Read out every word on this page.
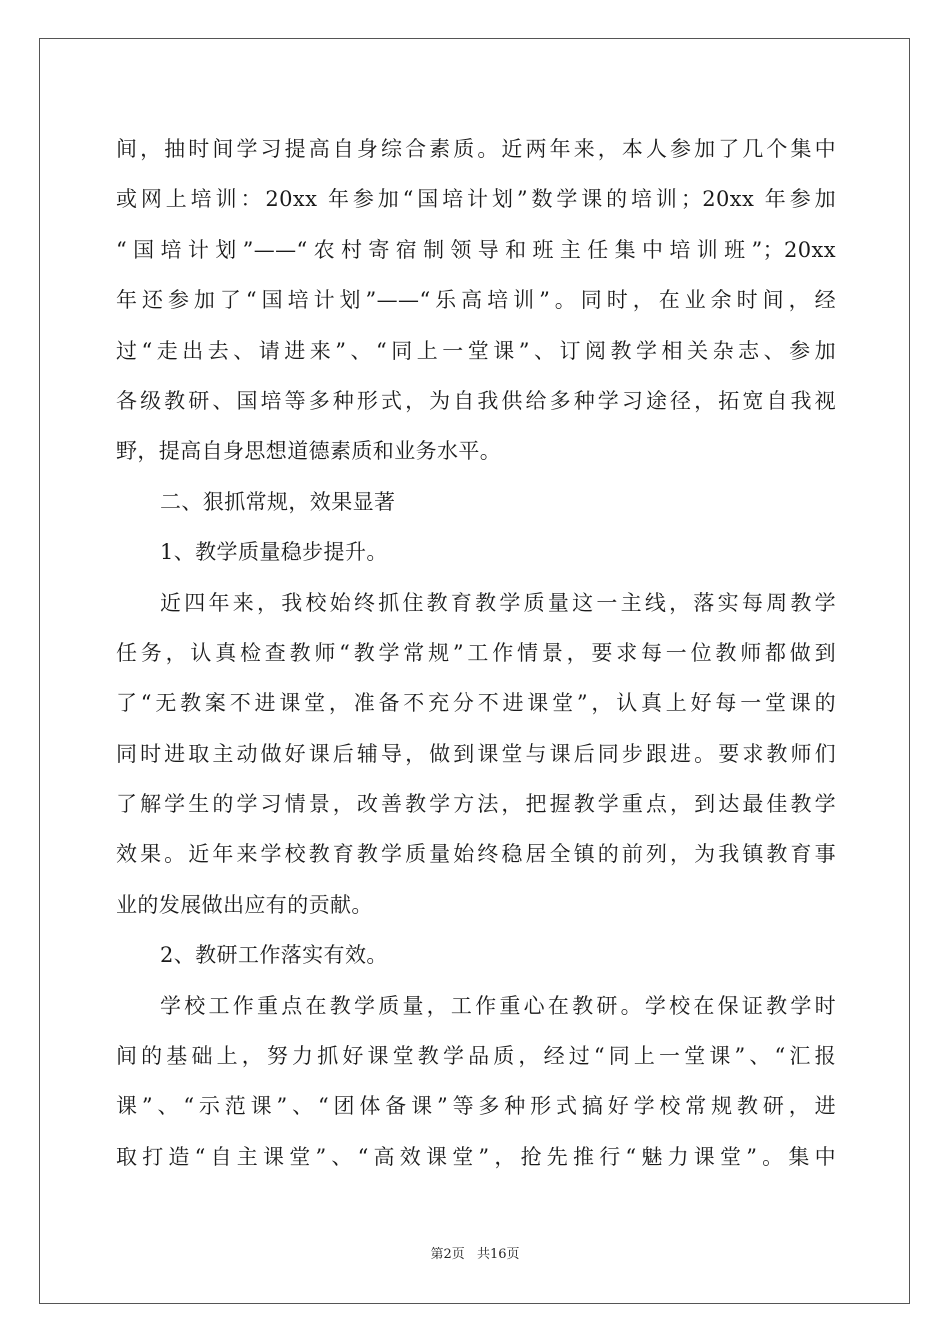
间，抽时间学习提高自身综合素质。近两年来，本人参加了几个集中
或网上培训：20xx 年参加“国培计划”数学课的培训；20xx 年参加
“国培计划”——“农村寄宿制领导和班主任集中培训班”；20xx
年还参加了“国培计划”——“乐高培训”。同时，在业余时间，经
过“走出去、请进来”、“同上一堂课”、订阅教学相关杂志、参加
各级教研、国培等多种形式，为自我供给多种学习途径，拓宽自我视
野，提高自身思想道德素质和业务水平。
二、狠抓常规，效果显著
1、教学质量稳步提升。
近四年来，我校始终抓住教育教学质量这一主线，落实每周教学
任务，认真检查教师“教学常规”工作情景，要求每一位教师都做到
了“无教案不进课堂，准备不充分不进课堂”，认真上好每一堂课的
同时进取主动做好课后辅导，做到课堂与课后同步跟进。要求教师们
了解学生的学习情景，改善教学方法，把握教学重点，到达最佳教学
效果。近年来学校教育教学质量始终稳居全镇的前列，为我镇教育事
业的发展做出应有的贡献。
2、教研工作落实有效。
学校工作重点在教学质量，工作重心在教研。学校在保证教学时
间的基础上，努力抓好课堂教学品质，经过“同上一堂课”、“汇报
课”、“示范课”、“团体备课”等多种形式搞好学校常规教研，进
取打造“自主课堂”、“高效课堂”，抢先推行“魅力课堂”。集中
第2页 共16页
